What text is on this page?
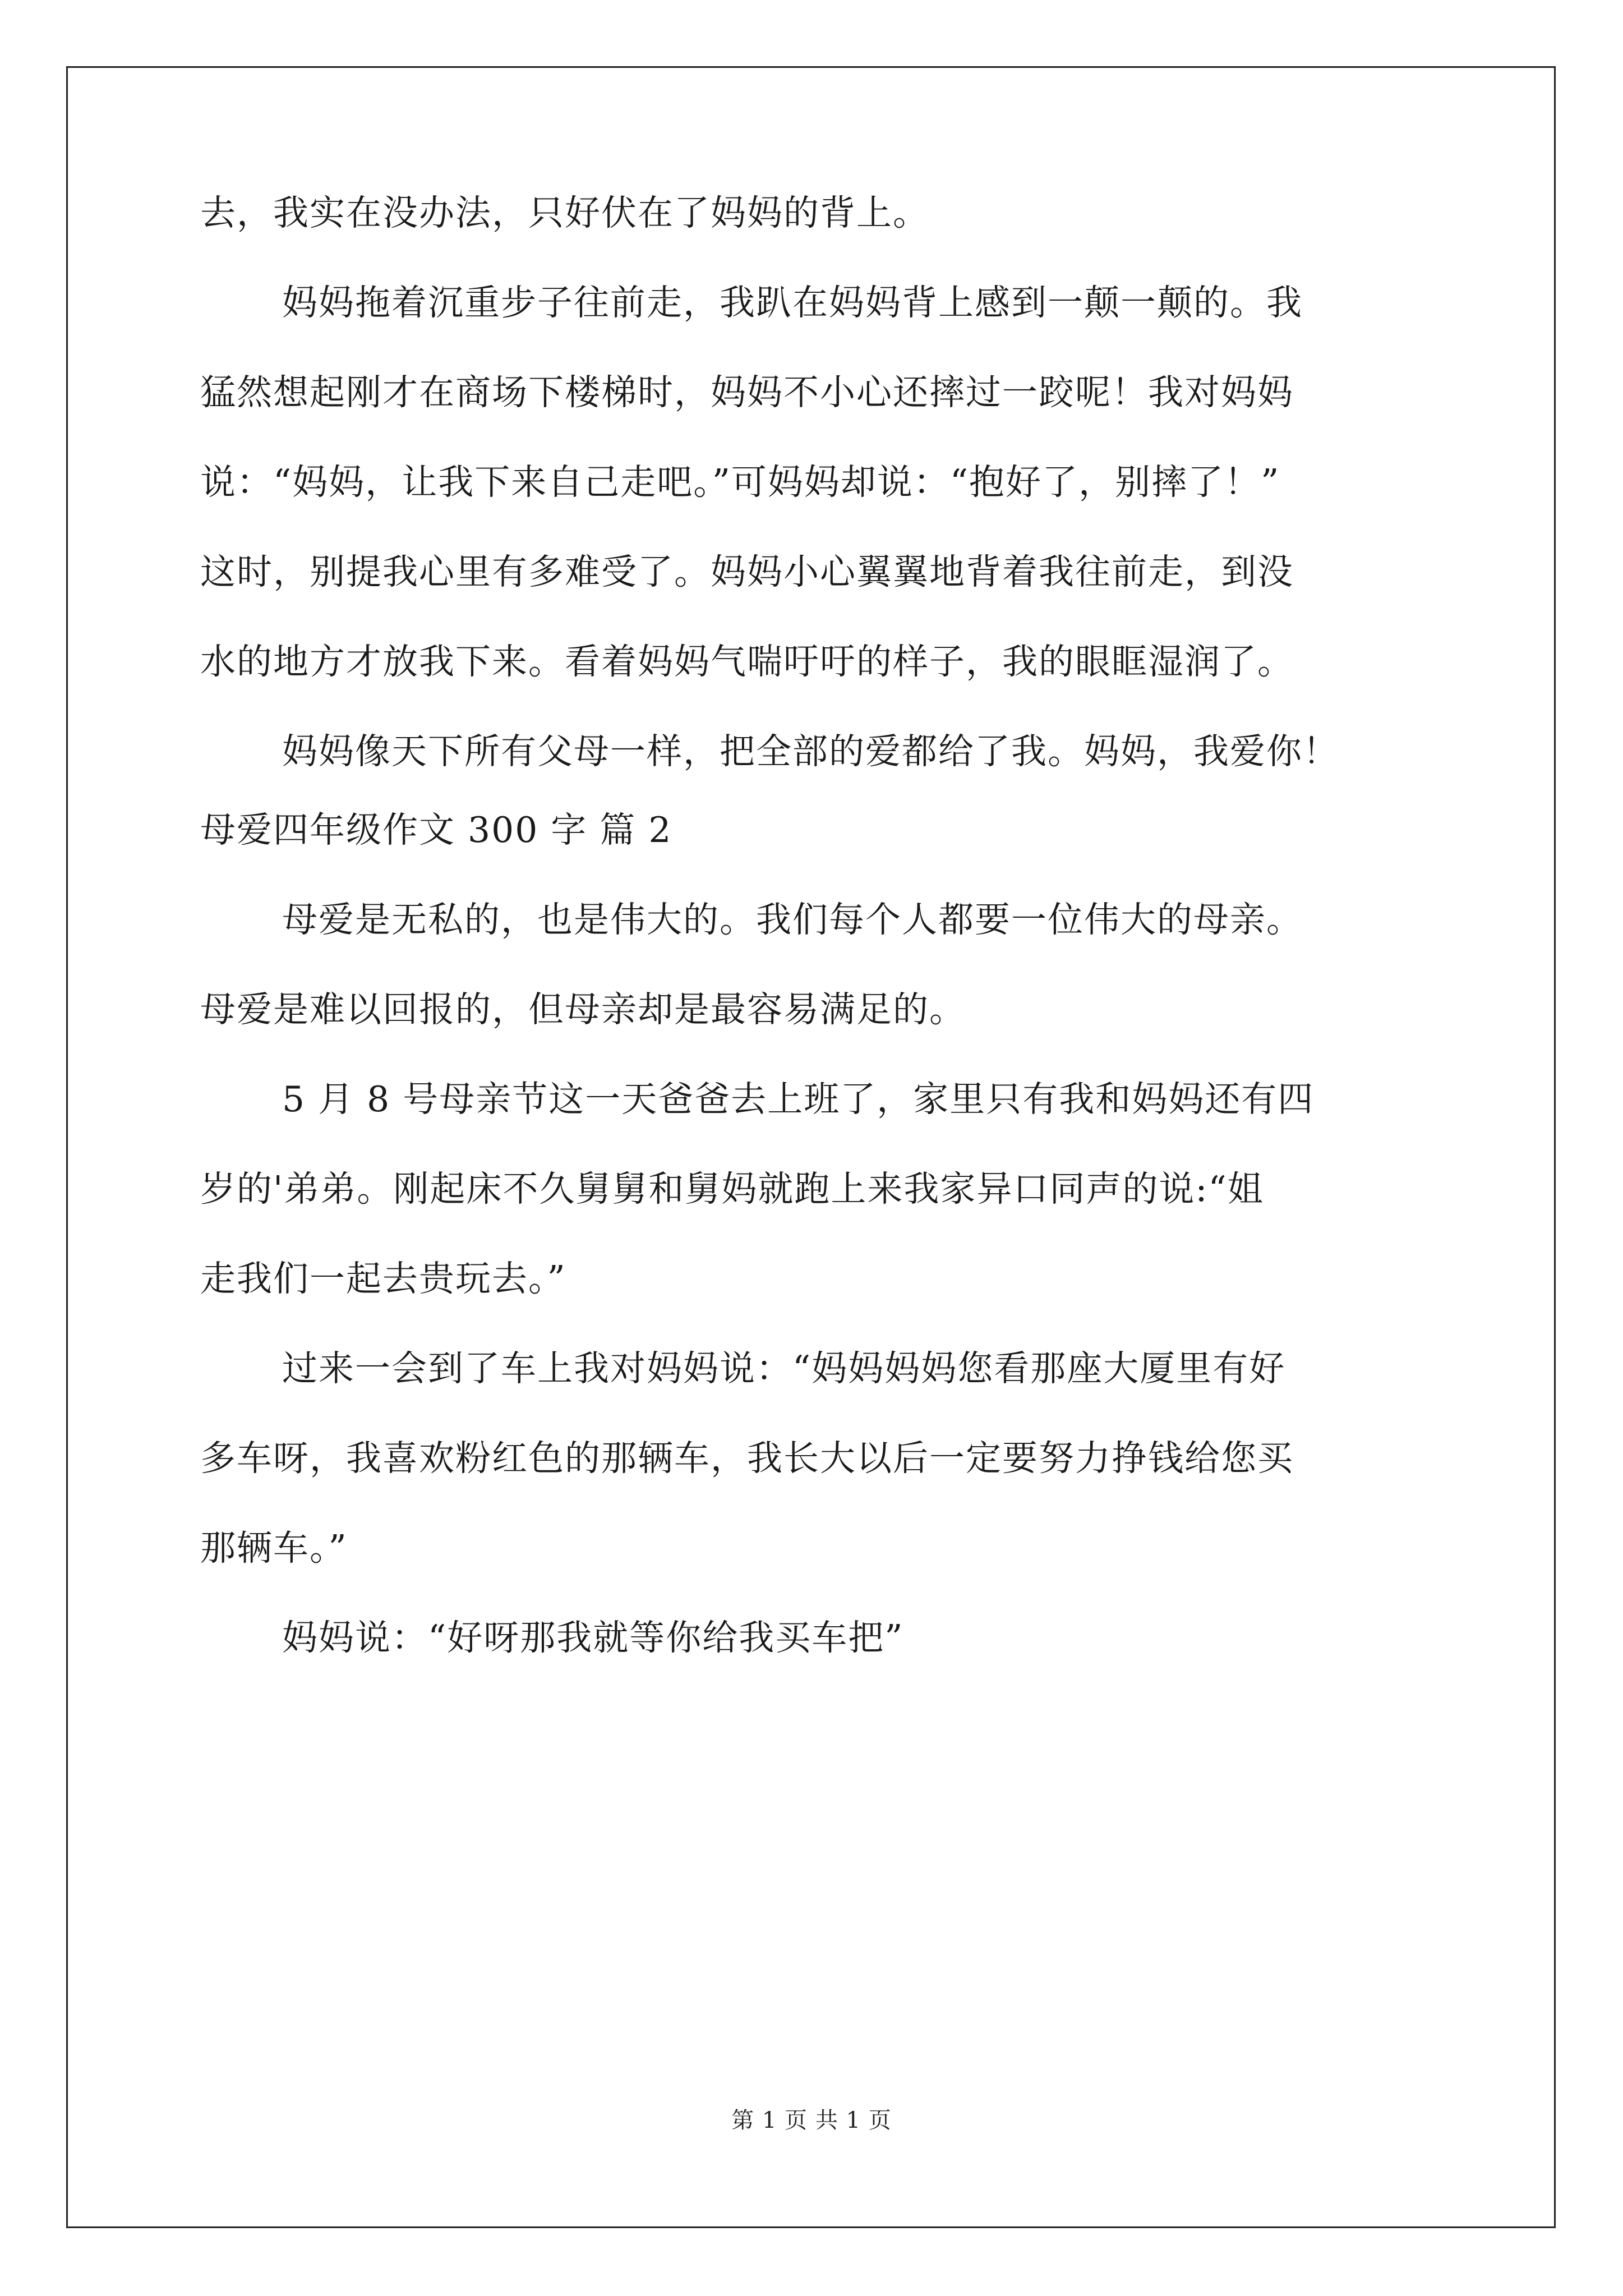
去，我实在没办法，只好伏在了妈妈的背上。
妈妈拖着沉重步子往前走，我趴在妈妈背上感到一颠一颠的。我
猛然想起刚才在商场下楼梯时，妈妈不小心还摔过一跤呢！我对妈妈
说：“妈妈，让我下来自己走吧。”可妈妈却说：“抱好了，别摔了！”
这时，别提我心里有多难受了。妈妈小心翼翼地背着我往前走，到没
水的地方才放我下来。看着妈妈气喘吁吁的样子，我的眼眶湿润了。
妈妈像天下所有父母一样，把全部的爱都给了我。妈妈，我爱你！
母爱四年级作文 300 字 篇 2
母爱是无私的，也是伟大的。我们每个人都要一位伟大的母亲。
母爱是难以回报的，但母亲却是最容易满足的。
5 月 8 号母亲节这一天爸爸去上班了，家里只有我和妈妈还有四
岁的'弟弟。刚起床不久舅舅和舅妈就跑上来我家异口同声的说:“姐
走我们一起去贵玩去。”
过来一会到了车上我对妈妈说：“妈妈妈妈您看那座大厦里有好
多车呀，我喜欢粉红色的那辆车，我长大以后一定要努力挣钱给您买
那辆车。”
妈妈说：“好呀那我就等你给我买车把”
第 1 页 共 1 页
